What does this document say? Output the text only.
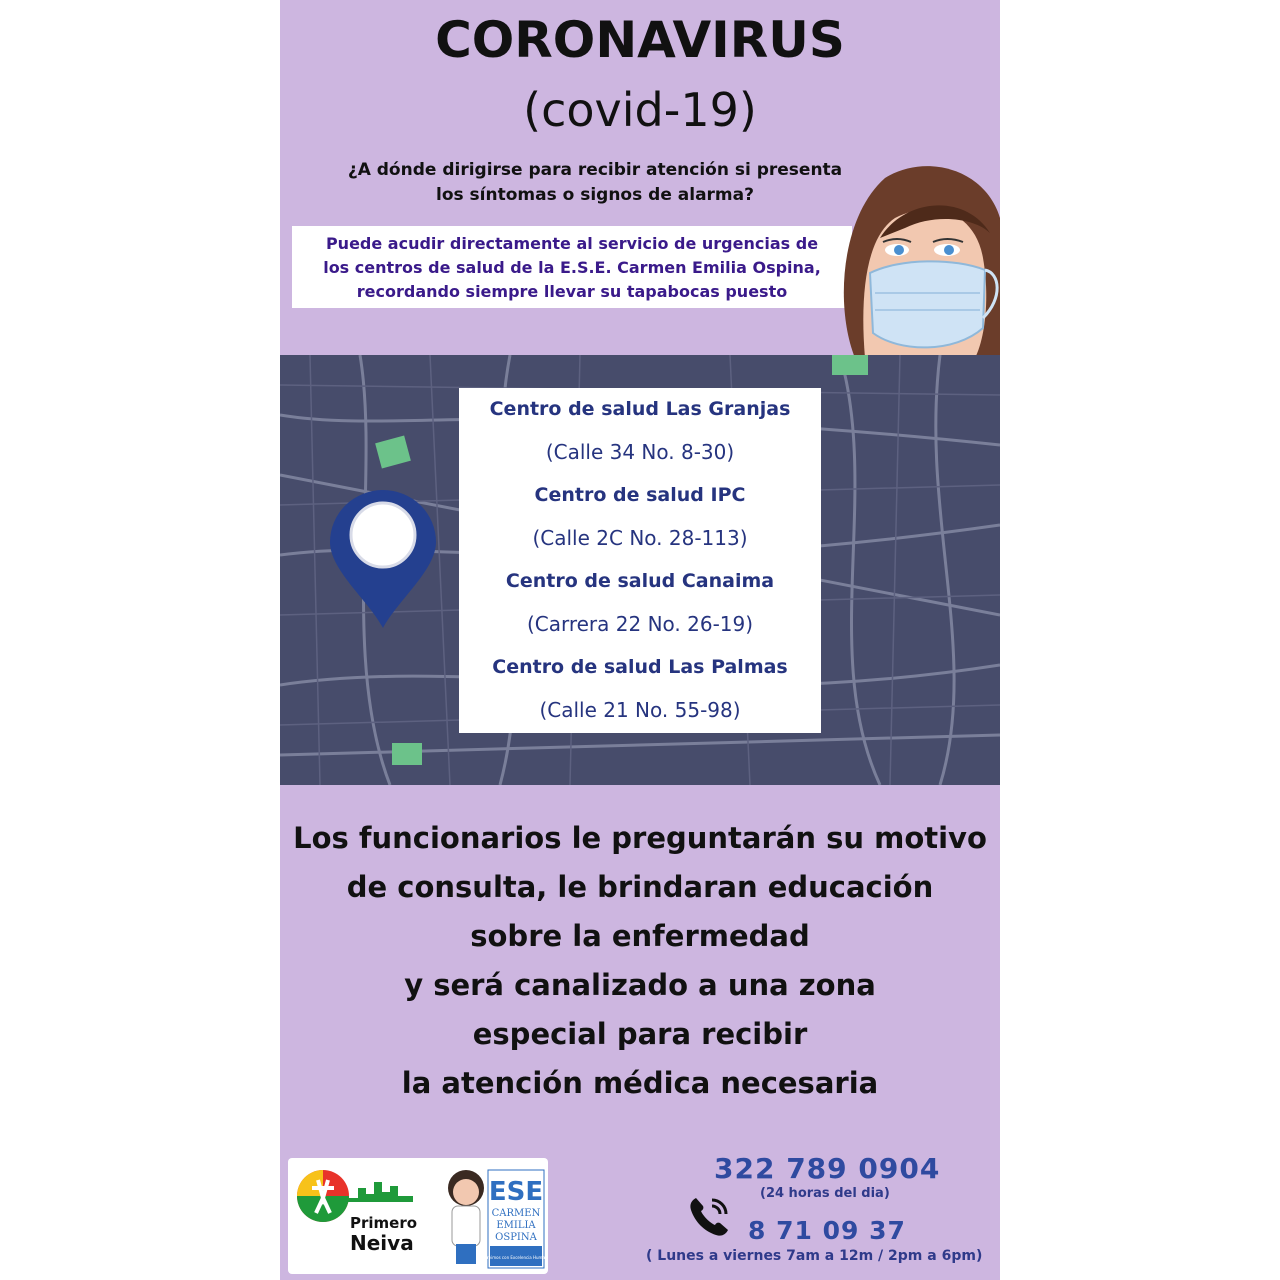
CORONAVIRUS
(covid-19)
¿A dónde dirigirse para recibir atención si presenta
los síntomas o signos de alarma?

Puede acudir directamente al servicio de urgencias de
los centros de salud de la E.S.E. Carmen Emilia Ospina,
recordando siempre llevar su tapabocas puesto

Centro de salud Las Granjas
(Calle 34 No. 8-30)
Centro de salud IPC
(Calle 2C No. 28-113)
Centro de salud Canaima
(Carrera 22 No. 26-19)
Centro de salud Las Palmas
(Calle 21 No. 55-98)
Los funcionarios le preguntarán su motivo
de consulta, le brindaran educación
sobre la enfermedad
y será canalizado a una zona
especial para recibir
la atención médica necesaria
Primero
Neiva
ESE
CARMEN
EMILIA
OSPINA
Servimos con Excelencia Humana
322 789 0904
(24 horas del dia)
8 71 09 37
( Lunes a viernes 7am a 12m / 2pm a 6pm)
